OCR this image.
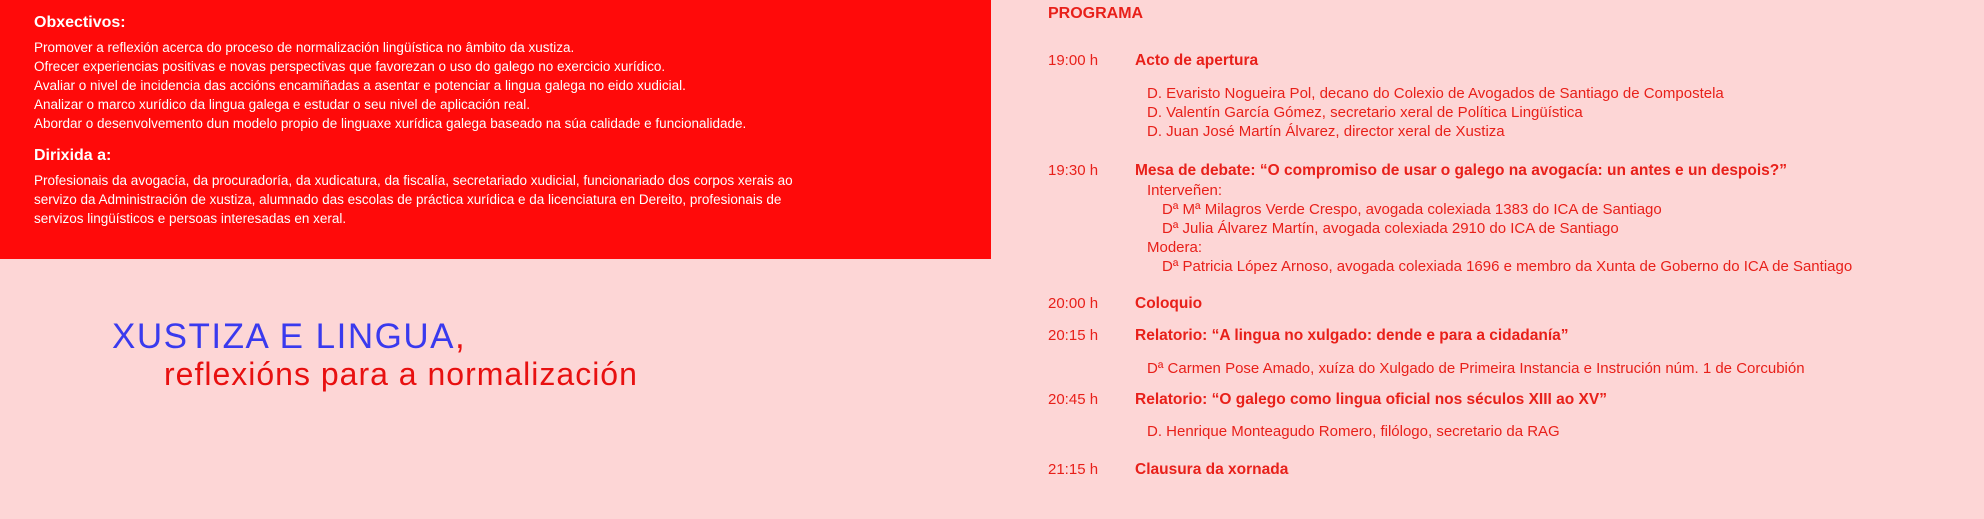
Obxectivos:

Promover a reflexión acerca do proceso de normalización lingüística no âmbito da xustiza.

Ofrecer experiencias positivas e novas perspectivas que favorezan o uso do galego no exercicio xurídico.

Avaliar o nivel de incidencia das accións encamiñadas a asentar e potenciar a lingua galega no eido xudicial.

Analizar o marco xurídico da lingua galega e estudar o seu nivel de aplicación real.

Abordar o desenvolvemento dun modelo propio de linguaxe xurídica galega baseado na súa calidade e funcionalidade.

Dirixida a:

Profesionais da avogacía, da procuradoría, da xudicatura, da fiscalía, secretariado xudicial, funcionariado dos corpos xerais ao

servizo da Administración de xustiza, alumnado das escolas de práctica xurídica e da licenciatura en Dereito, profesionais de

servizos lingüísticos e persoas interesadas en xeral.

XUSTIZA E LINGUA,
reflexións para a normalización
PROGRAMA
19:00 h Acto de apertura
D. Evaristo Nogueira Pol, decano do Colexio de Avogados de Santiago de Compostela
D. Valentín García Gómez, secretario xeral de Política Lingüística
D. Juan José Martín Álvarez, director xeral de Xustiza
19:30 h Mesa de debate: “O compromiso de usar o galego na avogacía: un antes e un despois?”
Interveñen:
Dª Mª Milagros Verde Crespo, avogada colexiada 1383 do ICA de Santiago
Dª Julia Álvarez Martín, avogada colexiada 2910 do ICA de Santiago
Modera:
Dª Patricia López Arnoso, avogada colexiada 1696 e membro da Xunta de Goberno do ICA de Santiago
20:00 h Coloquio
20:15 h Relatorio: “A lingua no xulgado: dende e para a cidadanía”
Dª Carmen Pose Amado, xuíza do Xulgado de Primeira Instancia e Instrución núm. 1 de Corcubión
20:45 h Relatorio: “O galego como lingua oficial nos séculos XIII ao XV”
D. Henrique Monteagudo Romero, filólogo, secretario da RAG
21:15 h Clausura da xornada
